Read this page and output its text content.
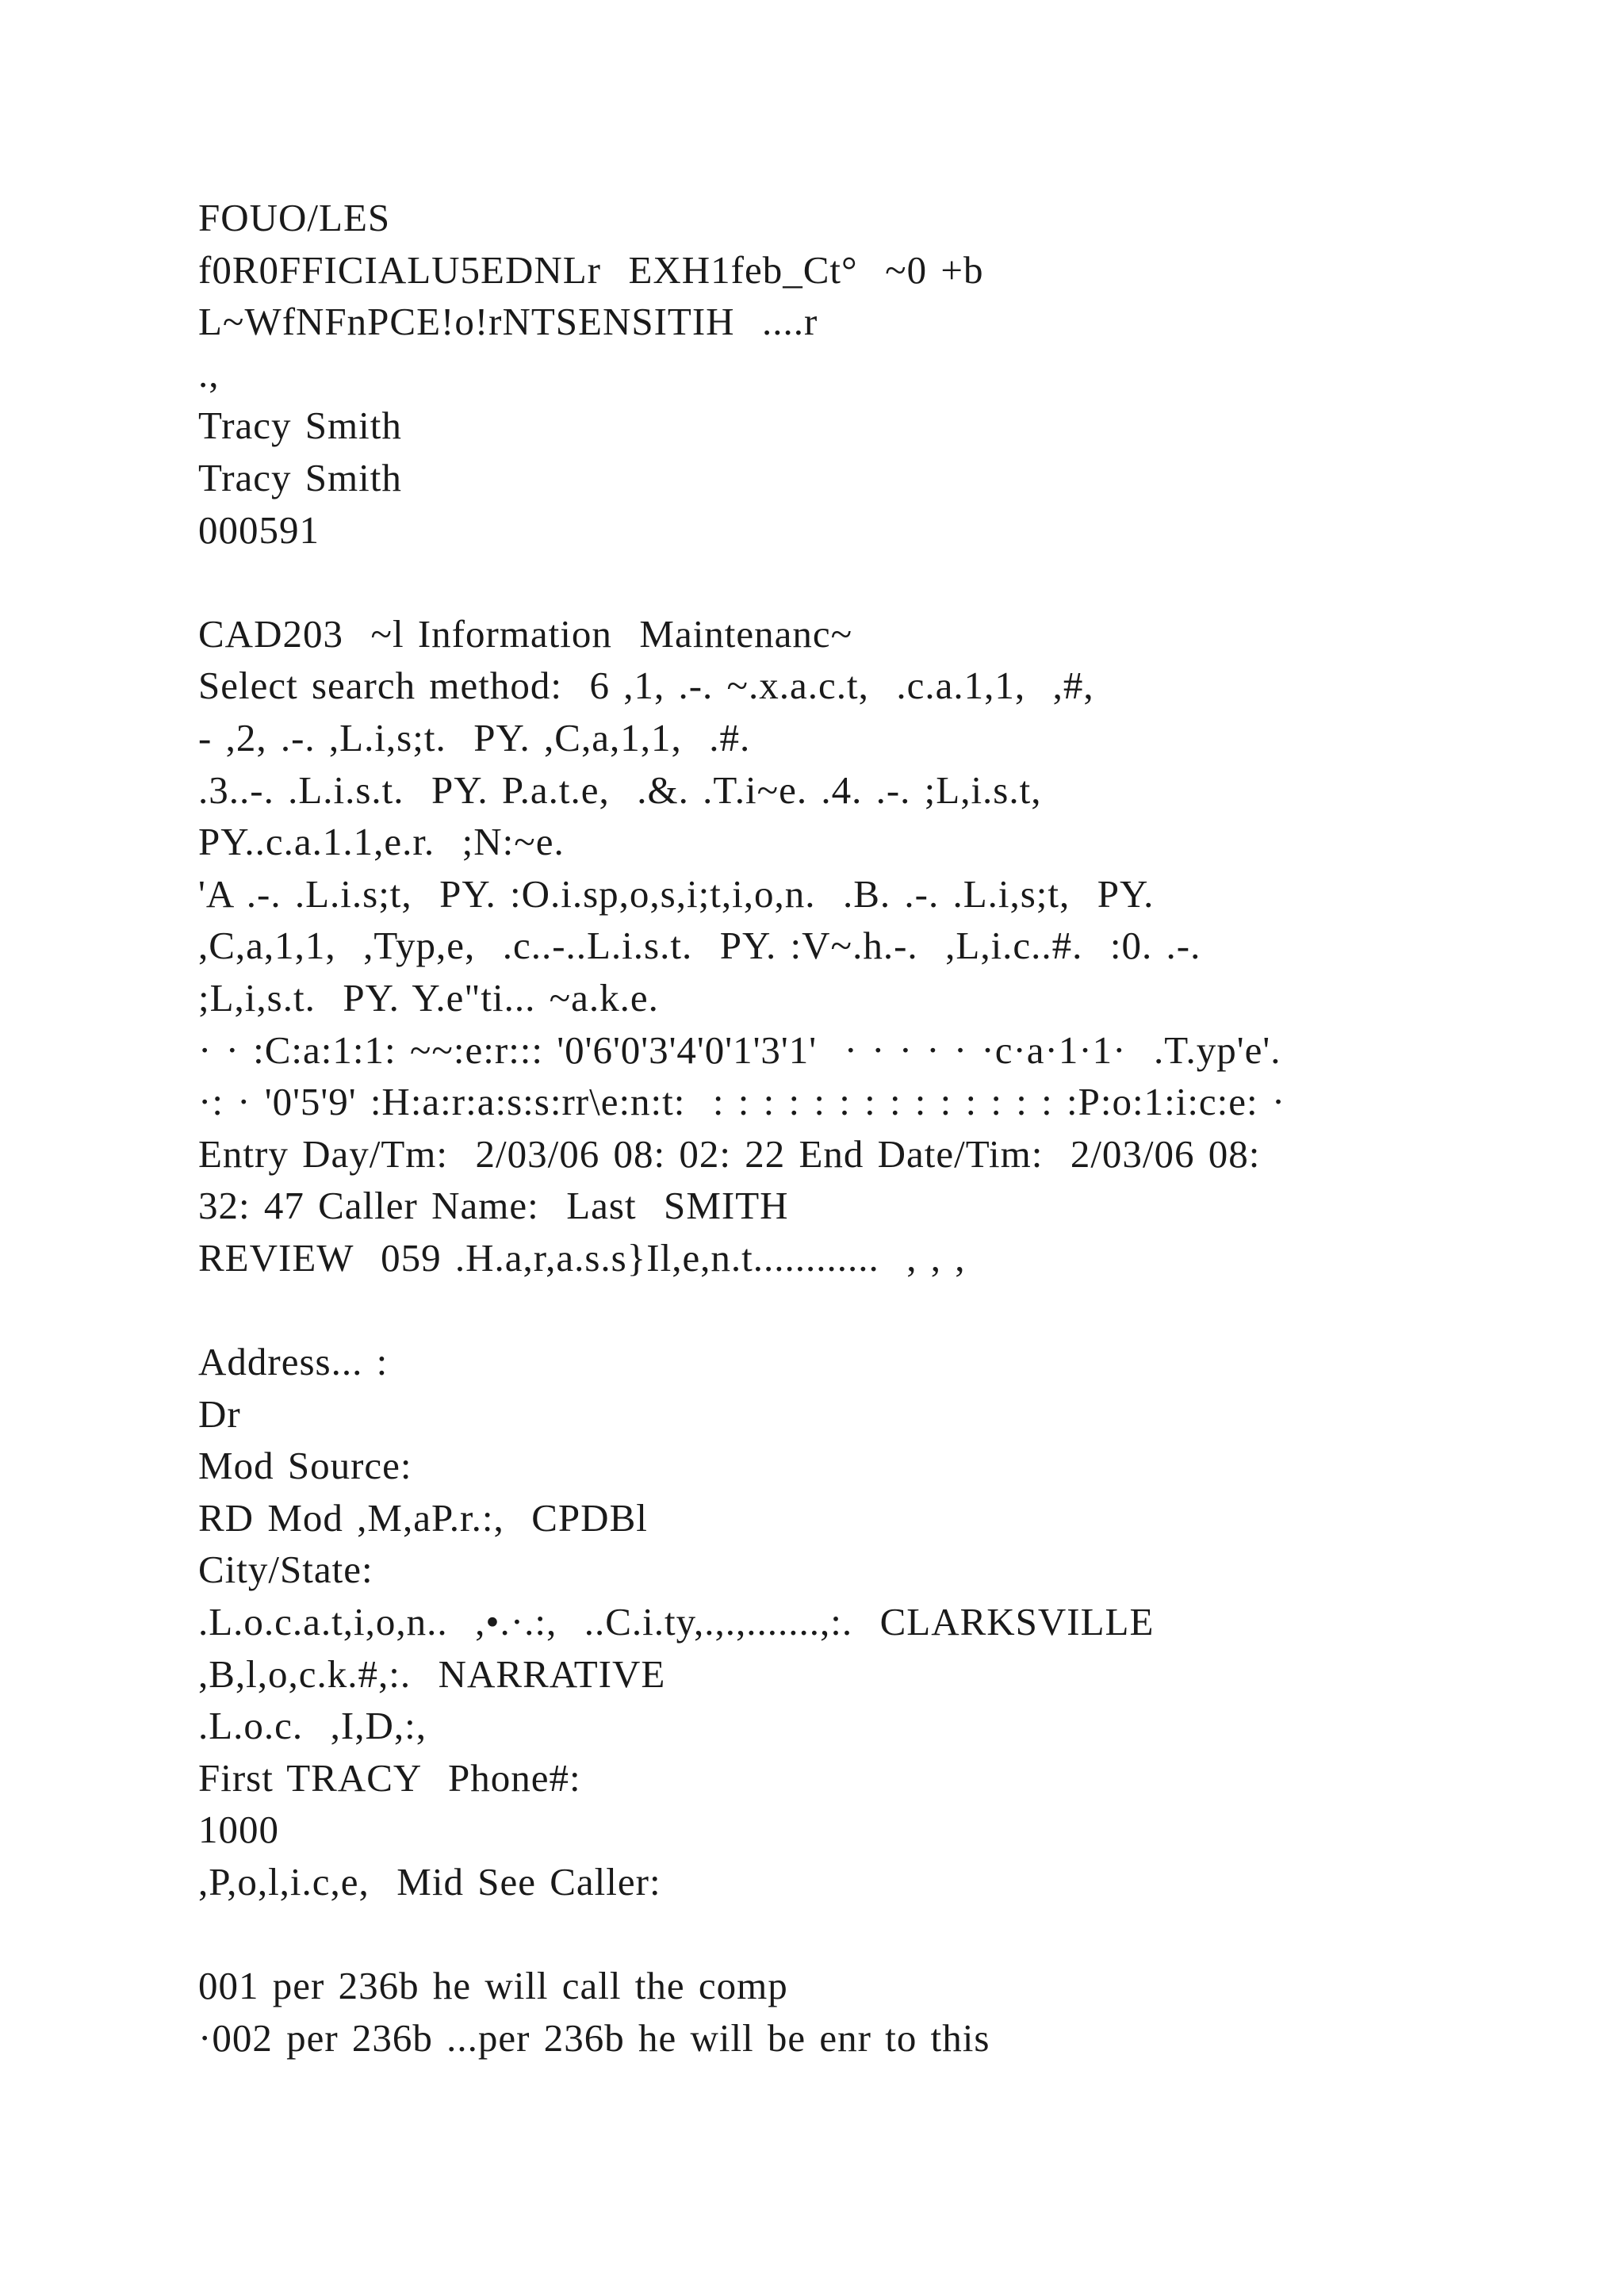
FOUO/LES
f0R0FFICIALU5EDNLr  EXH1feb_Ct°  ~0 +b
L~WfNFnPCE!o!rNTSENSITIH  ....r
.,
Tracy Smith
Tracy Smith
000591
CAD203  ~l Information  Maintenanc~
Select search method:  6 ,1, .-. ~.x.a.c.t,  .c.a.1,1,  ,#,
- ,2, .-. ,L.i,s;t.  PY. ,C,a,1,1,  .#.
.3..-. .L.i.s.t.  PY. P.a.t.e,  .&. .T.i~e. .4. .-. ;L,i.s.t,
PY..c.a.1.1,e.r.  ;N:~e.
'A .-. .L.i.s;t,  PY. :O.i.sp,o,s,i;t,i,o,n.  .B. .-. .L.i,s;t,  PY.
,C,a,1,1,  ,Typ,e,  .c..-..L.i.s.t.  PY. :V~.h.-.  ,L,i.c..#.  :0. .-.
;L,i,s.t.  PY. Y.e"ti... ~a.k.e.
· · :C:a:1:1: ~~:e:r::: '0'6'0'3'4'0'1'3'1'  · · · · · ·c·a·1·1·  .T.yp'e'.
·: · '0'5'9' :H:a:r:a:s:s:rr\e:n:t:  : : : : : : : : : : : : : : :P:o:1:i:c:e: ·
Entry Day/Tm:  2/03/06 08: 02: 22 End Date/Tim:  2/03/06 08:
32: 47 Caller Name:  Last  SMITH
REVIEW  059 .H.a,r,a.s.s}Il,e,n.t............  , , ,
Address... :
Dr
Mod Source:
RD Mod ,M,aP.r.:,  CPDBl
City/State:
.L.o.c.a.t,i,o,n..  ,•.·.:,  ..C.i.ty,.,.,.......,:.  CLARKSVILLE
,B,l,o,c.k.#,:.  NARRATIVE
.L.o.c.  ,I,D,:,
First TRACY  Phone#:
1000
,P,o,l,i.c,e,  Mid See Caller:
001 per 236b he will call the comp
·002 per 236b ...per 236b he will be enr to this
